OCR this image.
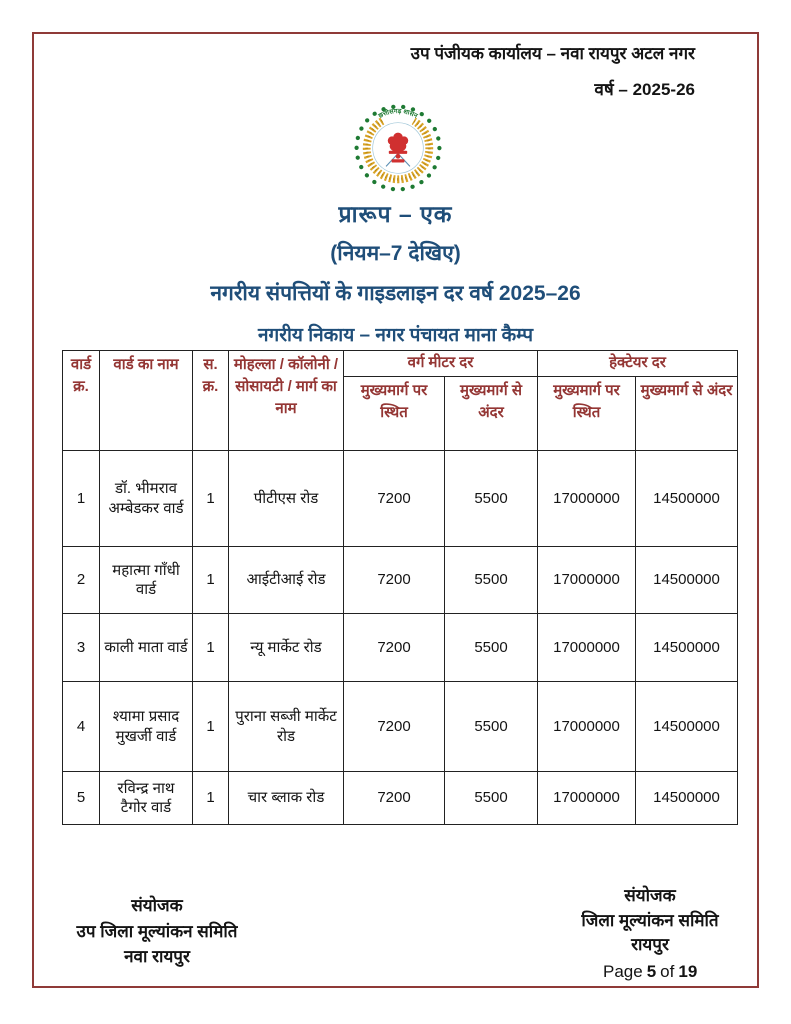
उप पंजीयक कार्यालय – नवा रायपुर अटल नगर
वर्ष – 2025-26
छत्तीसगढ़ शासन
प्रारूप – एक
(नियम–7 देखिए)
नगरीय संपत्तियों के गाइडलाइन दर वर्ष 2025–26
नगरीय निकाय – नगर पंचायत माना कैम्प
वार्ड क्र.	वार्ड का नाम	स. क्र.	मोहल्ला / कॉलोनी / सोसायटी / मार्ग का नाम	वर्ग मीटर दर		हेक्टेयर दर	
				मुख्यमार्ग पर स्थित	मुख्यमार्ग से अंदर	मुख्यमार्ग पर स्थित	मुख्यमार्ग से अंदर
1	डॉ. भीमराव अम्बेडकर वार्ड	1	पीटीएस रोड	7200	5500	17000000	14500000
2	महात्मा गाँधी वार्ड	1	आईटीआई रोड	7200	5500	17000000	14500000
3	काली माता वार्ड	1	न्यू मार्केट रोड	7200	5500	17000000	14500000
4	श्यामा प्रसाद मुखर्जी वार्ड	1	पुराना सब्जी मार्केट रोड	7200	5500	17000000	14500000
5	रविन्द्र नाथ टैगोर वार्ड	1	चार ब्लाक रोड	7200	5500	17000000	14500000
संयोजक
उप जिला मूल्यांकन समिति
नवा रायपुर
संयोजक
जिला मूल्यांकन समिति
रायपुर
Page 5 of 19
